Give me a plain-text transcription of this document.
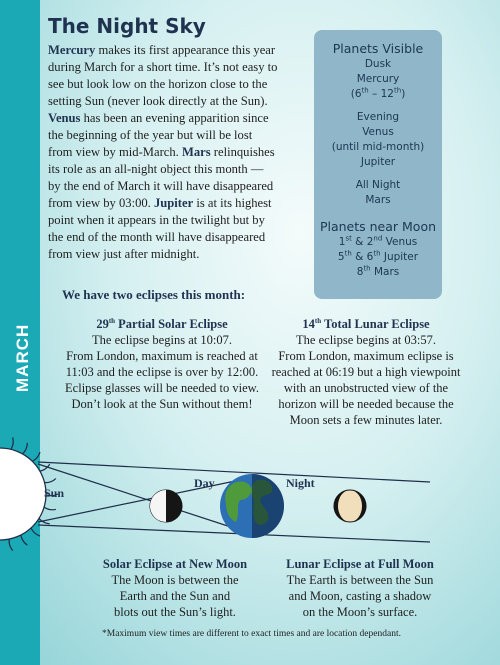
MARCH
The Night Sky

Mercury makes its first appearance this year during March for a short time. It’s not easy to see but look low on the horizon close to the setting Sun (never look directly at the Sun). Venus has been an evening apparition since the beginning of the year but will be lost from view by mid-March. Mars relinquishes its role as an all-night object this month — by the end of March it will have disappeared from view by 03:00. Jupiter is at its highest point when it appears in the twilight but by the end of the month will have disappeared from view just after midnight.

Planets Visible
Dusk
Mercury
(6th – 12th)
Evening
Venus
(until mid-month)
Jupiter
All Night
Mars
Planets near Moon
1st & 2nd Venus
5th & 6th Jupiter
8th Mars
We have two eclipses this month:
29th Partial Solar Eclipse
The eclipse begins at 10:07.
From London, maximum is reached at
11:03 and the eclipse is over by 12:00.
Eclipse glasses will be needed to view.
Don’t look at the Sun without them!
14th Total Lunar Eclipse
The eclipse begins at 03:57.
From London, maximum eclipse is
reached at 06:19 but a high viewpoint
with an unobstructed view of the
horizon will be needed because the
Moon sets a few minutes later.
Sun
Day	Night
Solar Eclipse at New Moon
The Moon is between the
Earth and the Sun and
blots out the Sun’s light.
Lunar Eclipse at Full Moon
The Earth is between the Sun
and Moon, casting a shadow
on the Moon’s surface.

*Maximum view times are different to exact times and are location dependant.
